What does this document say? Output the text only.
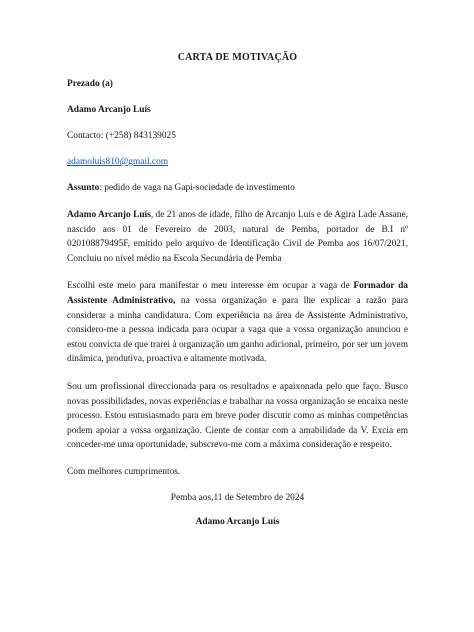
CARTA DE MOTIVAÇÃO
Prezado (a)
Adamo Arcanjo Luís
Contacto: (+258) 843139025
adamoluis810@gmail.com
Assunto: pedido de vaga na Gapi-sociedade de investimento
Adamo Arcanjo Luís, de 21 anos de idade, filho de Arcanjo Luís e de Agira Lade Assane, nascido aos 01 de Fevereiro de 2003, natural de Pemba, portador de B.I nº 020108879495F, emitido pelo arquivo de Identificação Civil de Pemba aos 16/07/2021, Concluiu no nível médio na Escola Secundária de Pemba
Escolhi este meio para manifestar o meu interesse em ocupar a vaga de Formador da Assistente Administrativo, na vossa organização e para lhe explicar a razão para considerar a minha candidatura. Com experiência na área de Assistente Administrativo, considero-me a pessoa indicada para ocupar a vaga que a vossa organização anunciou e estou convicta de que trarei à organização um ganho adicional, primeiro, por ser um jovem dinâmica, produtiva, proactiva e altamente motivada.
Sou um profissional direccionada para os resultados e apaixonada pelo que faço. Busco novas possibilidades, novas experiências e trabalhar na vossa organização se encaixa neste processo. Estou entusiasmado para em breve poder discutir como as minhas competências podem apoiar a vossa organização. Ciente de contar com a amabilidade da V. Excia em conceder-me uma oportunidade, subscrevo-me com a máxima consideração e respeito.
Com melhores cumprimentos.
Pemba aos,11 de Setembro de 2024
Adamo Arcanjo Luís
